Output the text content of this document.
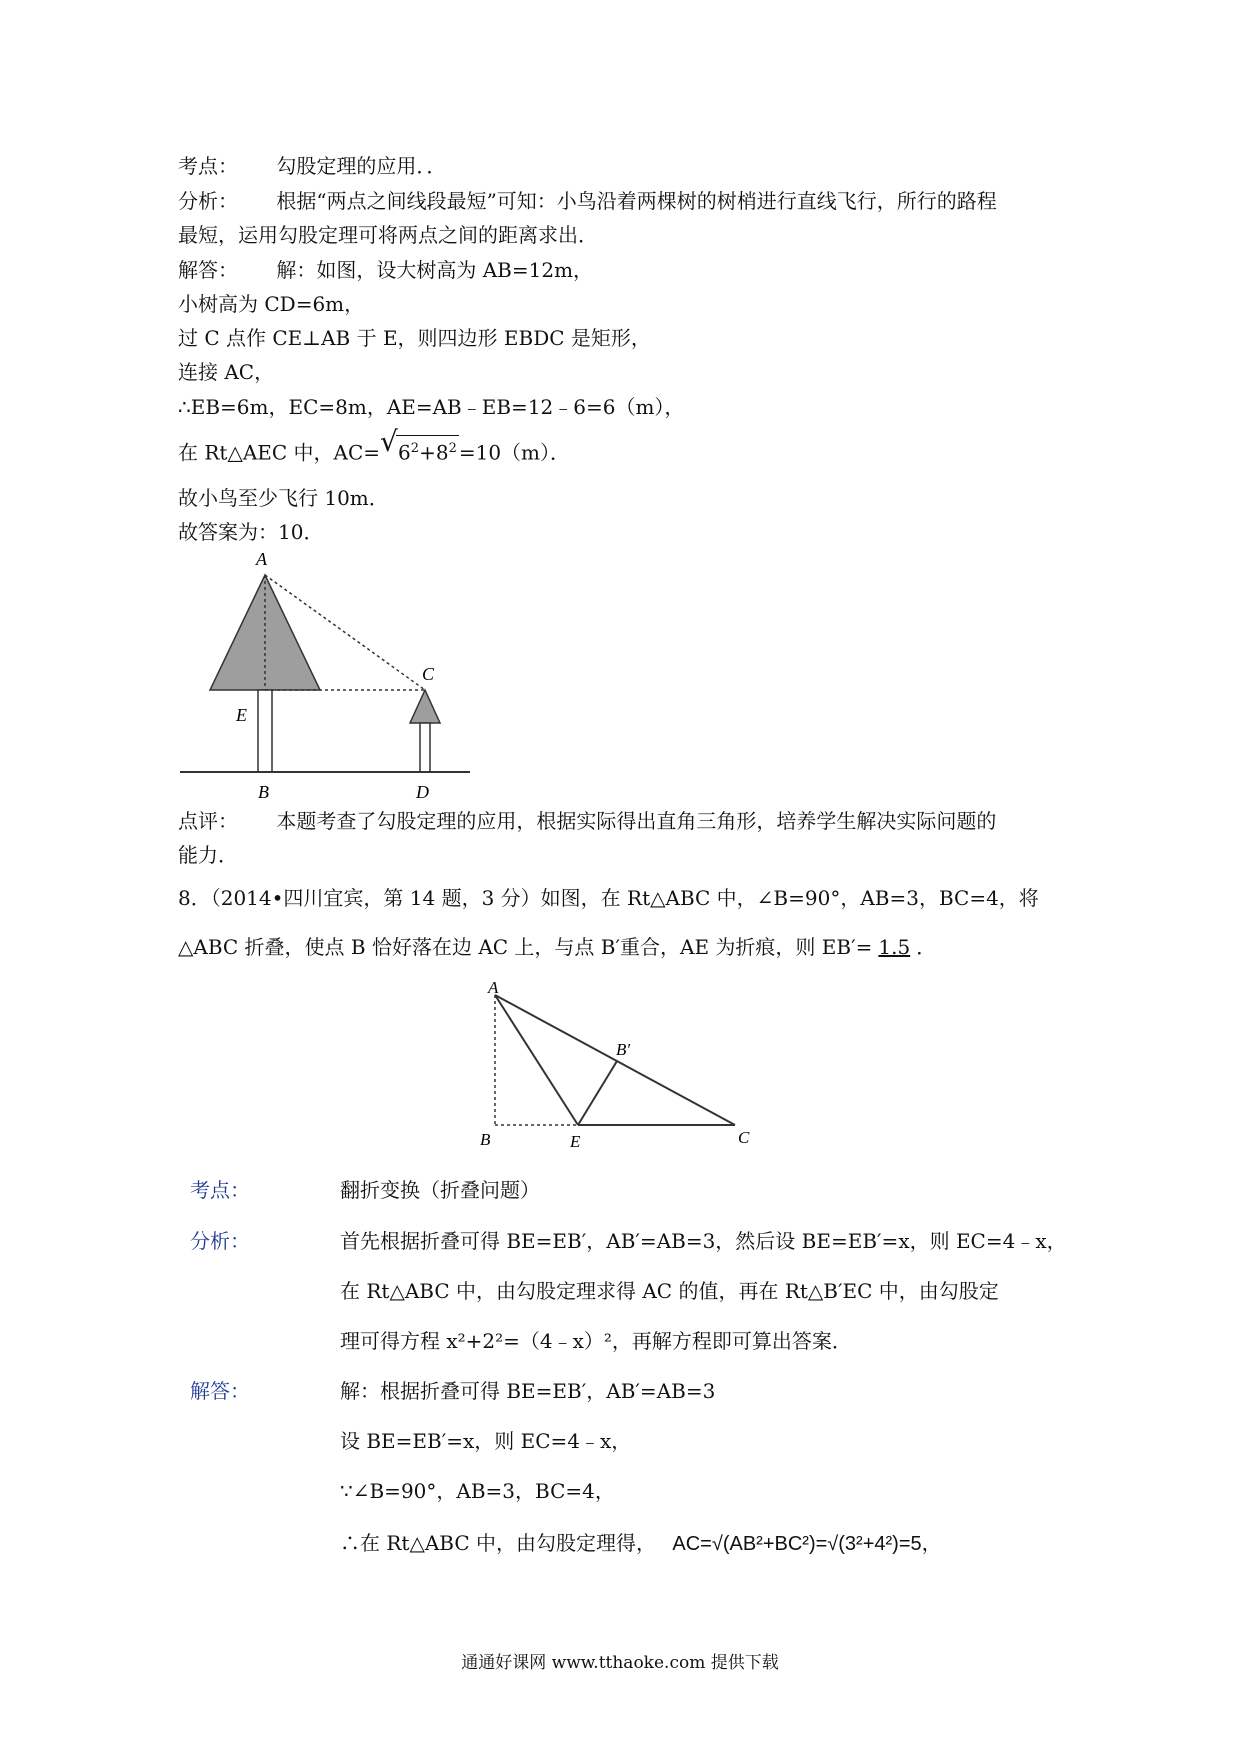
考点： 勾股定理的应用．．
分析： 根据“两点之间线段最短”可知：小鸟沿着两棵树的树梢进行直线飞行，所行的路程
最短，运用勾股定理可将两点之间的距离求出．
解答： 解：如图，设大树高为 AB=12m，
小树高为 CD=6m，
过 C 点作 CE⊥AB 于 E，则四边形 EBDC 是矩形，
连接 AC，
∴EB=6m，EC=8m，AE=AB﹣EB=12﹣6=6（m），
在 Rt△AEC 中，AC=√ $6^2+8^2 =10(m)$．
故小鸟至少飞行 10m．
故答案为：10．
A
E
B
C
D
点评： 本题考查了勾股定理的应用，根据实际得出直角三角形，培养学生解决实际问题的
能力．
8．（2014•四川宜宾，第 14 题，3 分）如图，在 Rt△ABC 中，∠B=90°，AB=3，BC=4，将
△ABC 折叠，使点 B 恰好落在边 AC 上，与点 B′重合，AE 为折痕，则 EB′= 1.5 ．
A
B	E	C
B′
考点：	翻折变换（折叠问题）
分析：	首先根据折叠可得 BE=EB′，AB′=AB=3，然后设 BE=EB′=x，则 EC=4﹣x，
在 Rt△ABC 中，由勾股定理求得 AC 的值，再在 Rt△B′EC 中，由勾股定
理可得方程 x²+2²=（4﹣x）²，再解方程即可算出答案．
解答：	解：根据折叠可得 BE=EB′，AB′=AB=3
设 BE=EB′=x，则 EC=4﹣x，
∵∠B=90°，AB=3，BC=4，
∴在 Rt△ABC 中，由勾股定理得， AC=√(AB²+BC²)=√(3²+4²)=5，
通通好课网 www.tthaoke.com 提供下载
